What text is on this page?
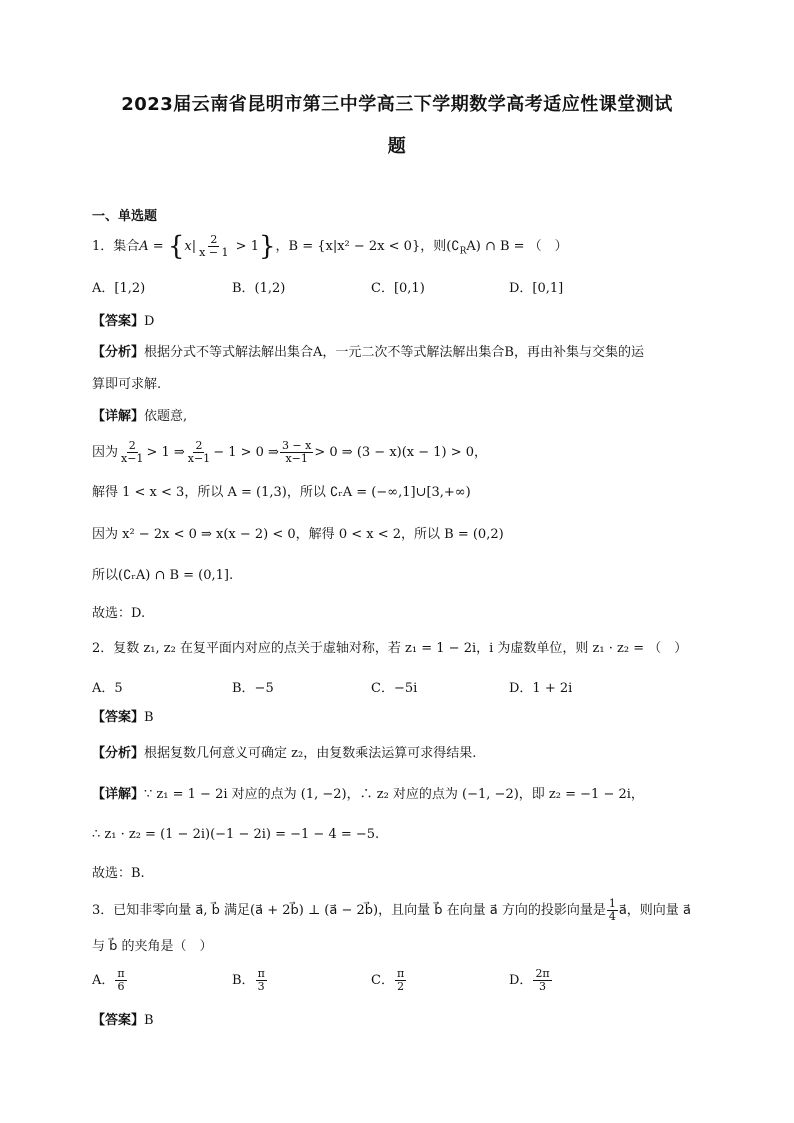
2023届云南省昆明市第三中学高三下学期数学高考适应性课堂测试
题
一、单选题
1．集合$A = \{x| \frac{2}{x - 1} > 1\}$，B = {x|x² − 2x < 0}，则$(∁_RA)$ ∩ B = （　）
A．[1,2)	B．(1,2)	C．[0,1)	D．[0,1]
【答案】D
【分析】根据分式不等式解法解出集合A，一元二次不等式解法解出集合B，再由补集与交集的运
算即可求解.
【详解】依题意,
因为 $\frac{2}{x-1} > 1$ ⇒ $\frac{2}{x-1} - 1 > 0$ ⇒ $\frac{3 - x}{x-1} > 0$ ⇒ (3 − x)(x − 1) > 0，
解得 1 < x < 3，所以 A = (1,3)，所以 ∁ᵣA = (−∞,1]∪[3,+∞)
因为 x² − 2x < 0 ⇒ x(x − 2) < 0，解得 0 < x < 2，所以 B = (0,2)
所以(∁ᵣA) ∩ B = (0,1].
故选：D.
2．复数 z₁, z₂ 在复平面内对应的点关于虚轴对称，若 z₁ = 1 − 2i，i 为虚数单位，则 z₁ · z₂ = （　）
A．5	B．−5	C．−5i	D．1 + 2i
【答案】B
【分析】根据复数几何意义可确定 z₂，由复数乘法运算可求得结果.
【详解】∵ z₁ = 1 − 2i 对应的点为 (1, −2)，∴ z₂ 对应的点为 (−1, −2)，即 z₂ = −1 − 2i，
∴ z₁ · z₂ = (1 − 2i)(−1 − 2i) = −1 − 4 = −5.
故选：B.
3．已知非零向量 a⃗, b⃗ 满足(a⃗ + 2b⃗) ⊥ (a⃗ − 2b⃗)，且向量 b⃗ 在向量 a⃗ 方向的投影向量是 $\frac{1}{4}$ a⃗，则向量 a⃗
与 b⃗ 的夹角是（　）
A． $\frac{\pi}{6}$	B． $\frac{\pi}{3}$	C． $\frac{\pi}{2}$	D． $\frac{2\pi}{3}$
【答案】B
